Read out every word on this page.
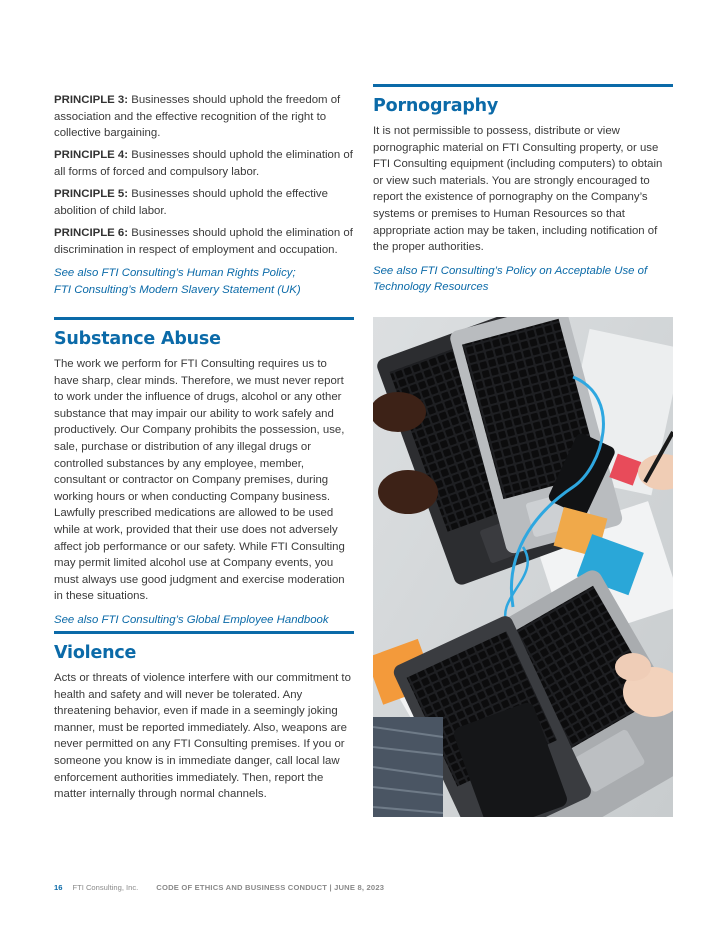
PRINCIPLE 3: Businesses should uphold the freedom of association and the effective recognition of the right to collective bargaining.

PRINCIPLE 4: Businesses should uphold the elimination of all forms of forced and compulsory labor.

PRINCIPLE 5: Businesses should uphold the effective abolition of child labor.

PRINCIPLE 6: Businesses should uphold the elimination of discrimination in respect of employment and occupation.

See also FTI Consulting’s Human Rights Policy;
FTI Consulting’s Modern Slavery Statement (UK)
Pornography

It is not permissible to possess, distribute or view pornographic material on FTI Consulting property, or use FTI Consulting equipment (including computers) to obtain or view such materials. You are strongly encouraged to report the existence of pornography on the Company’s systems or premises to Human Resources so that appropriate action may be taken, including notification of the proper authorities.

See also FTI Consulting’s Policy on Acceptable Use of Technology Resources
Substance Abuse

The work we perform for FTI Consulting requires us to have sharp, clear minds. Therefore, we must never report to work under the influence of drugs, alcohol or any other substance that may impair our ability to work safely and productively. Our Company prohibits the possession, use, sale, purchase or distribution of any illegal drugs or controlled substances by any employee, member, consultant or contractor on Company premises, during working hours or when conducting Company business. Lawfully prescribed medications are allowed to be used while at work, provided that their use does not adversely affect job performance or our safety. While FTI Consulting may permit limited alcohol use at Company events, you must always use good judgment and exercise moderation in these situations.

See also FTI Consulting’s Global Employee Handbook
Violence

Acts or threats of violence interfere with our commitment to health and safety and will never be tolerated. Any threatening behavior, even if made in a seemingly joking manner, must be reported immediately. Also, weapons are never permitted on any FTI Consulting premises. If you or someone you know is in immediate danger, call local law enforcement authorities immediately. Then, report the matter internally through normal channels.

16 FTI Consulting, Inc. CODE OF ETHICS AND BUSINESS CONDUCT | JUNE 8, 2023
